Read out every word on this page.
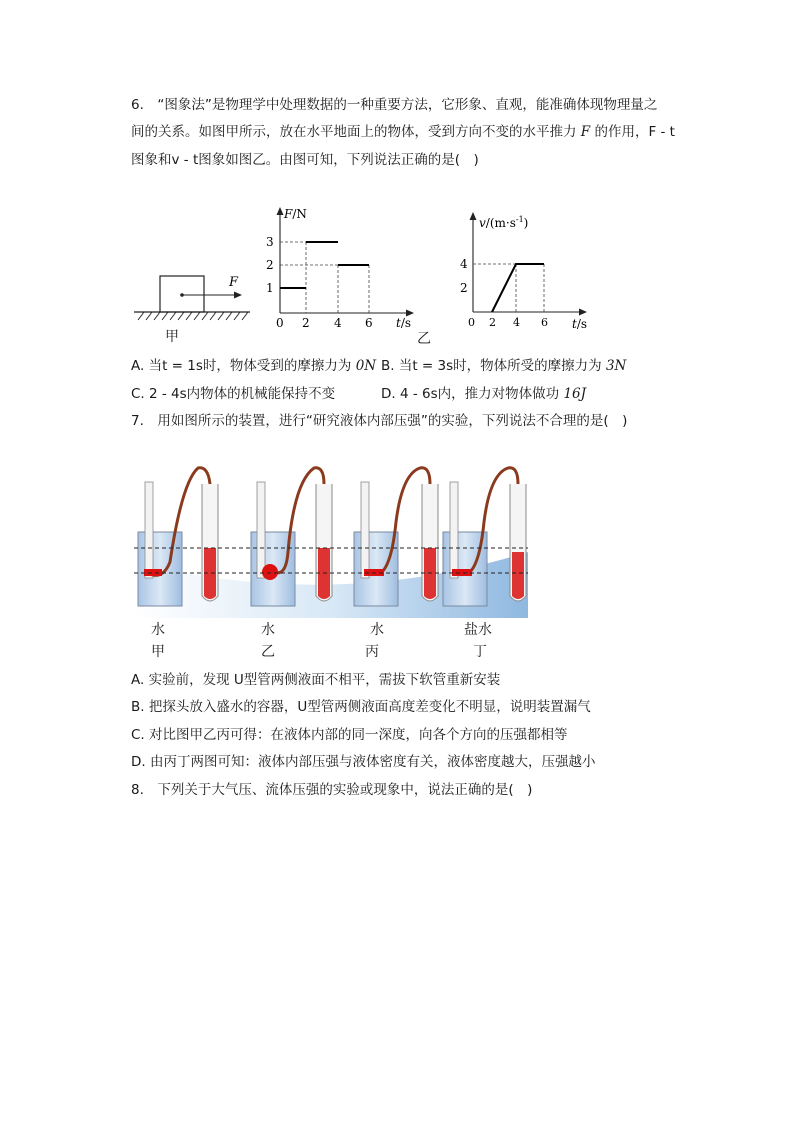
6.　“图象法”是物理学中处理数据的一种重要方法，它形象、直观，能准确体现物理量之
间的关系。如图甲所示，放在水平地面上的物体，受到方向不变的水平推力 F 的作用，F - t
图象和v - t图象如图乙。由图可知，下列说法正确的是(　)
F
甲
F/N
1
2
3
0 2 4 6 t/s
乙
$v/(m\cdot s^{-1})$
2
4
0 2 4 6 t/s
A. 当t = 1s时，物体受到的摩擦力为 0N B. 当t = 3s时，物体所受的摩擦力为 3N
C. 2 - 4s内物体的机械能保持不变	D. 4 - 6s内，推力对物体做功 16J
7.　用如图所示的装置，进行“研究液体内部压强”的实验，下列说法不合理的是(　)
水	水	水	盐水
甲	乙	丙	丁
A. 实验前，发现 U型管两侧液面不相平，需拔下软管重新安装
B. 把探头放入盛水的容器，U型管两侧液面高度差变化不明显，说明装置漏气
C. 对比图甲乙丙可得：在液体内部的同一深度，向各个方向的压强都相等
D. 由丙丁两图可知：液体内部压强与液体密度有关，液体密度越大，压强越小
8.　下列关于大气压、流体压强的实验或现象中，说法正确的是(　)
